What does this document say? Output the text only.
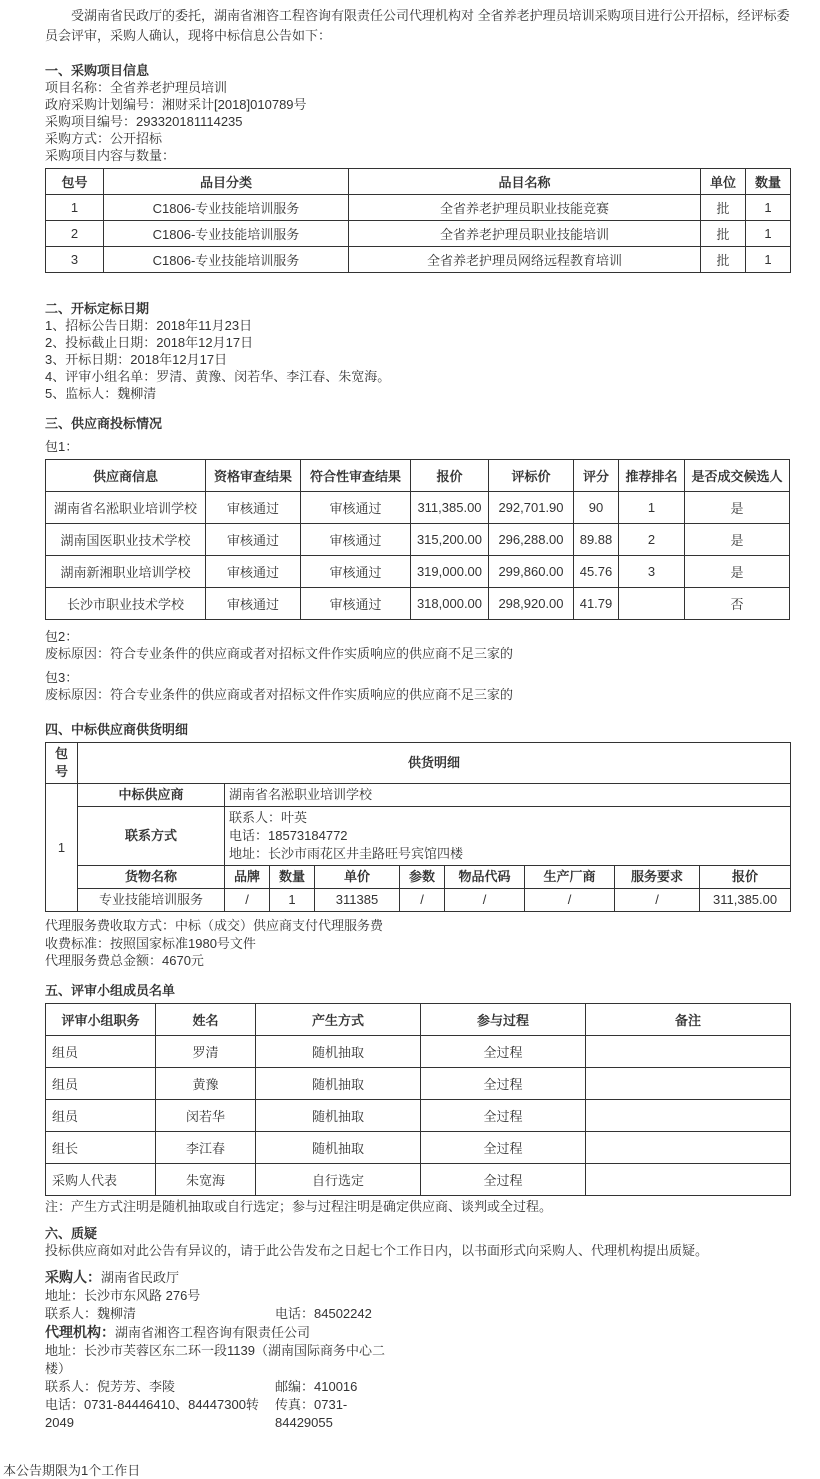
受湖南省民政厅的委托，湖南省湘咨工程咨询有限责任公司代理机构对 全省养老护理员培训采购项目进行公开招标，经评标委员会评审，采购人确认，现将中标信息公告如下：

一、采购项目信息

项目名称：全省养老护理员培训
政府采购计划编号：湘财采计[2018]010789号
采购项目编号：293320181114235
采购方式：公开招标
采购项目内容与数量：
包号	品目分类	品目名称	单位	数量
1	C1806-专业技能培训服务	全省养老护理员职业技能竞赛	批	1
2	C1806-专业技能培训服务	全省养老护理员职业技能培训	批	1
3	C1806-专业技能培训服务	全省养老护理员网络远程教育培训	批	1

二、开标定标日期

1、招标公告日期：2018年11月23日
2、投标截止日期：2018年12月17日
3、开标日期：2018年12月17日
4、评审小组名单：罗清、黄豫、闵若华、李江春、朱宽海。
5、监标人：魏柳清

三、供应商投标情况

包1：

供应商信息	资格审查结果	符合性审查结果	报价	评标价	评分	推荐排名	是否成交候选人
湖南省名淞职业培训学校	审核通过	审核通过	311,385.00	292,701.90	90	1	是
湖南国医职业技术学校	审核通过	审核通过	315,200.00	296,288.00	89.88	2	是
湖南新湘职业培训学校	审核通过	审核通过	319,000.00	299,860.00	45.76	3	是
长沙市职业技术学校	审核通过	审核通过	318,000.00	298,920.00	41.79		否

包2：

废标原因：符合专业条件的供应商或者对招标文件作实质响应的供应商不足三家的

包3：

废标原因：符合专业条件的供应商或者对招标文件作实质响应的供应商不足三家的

四、中标供应商供货明细

包号	供货明细								
1	中标供应商	湖南省名淞职业培训学校							
	联系方式	联系人：叶英
电话：18573184772
地址：长沙市雨花区井圭路旺号宾馆四楼							

	货物名称	品牌	数量	单价	参数	物品代码	生产厂商	服务要求	报价
	专业技能培训服务	/	1	311385	/	/	/	/	311,385.00
代理服务费收取方式：中标（成交）供应商支付代理服务费
收费标准：按照国家标准1980号文件
代理服务费总金额：4670元

五、评审小组成员名单

评审小组职务	姓名	产生方式	参与过程	备注
组员	罗清	随机抽取	全过程	
组员	黄豫	随机抽取	全过程	
组员	闵若华	随机抽取	全过程	
组长	李江春	随机抽取	全过程	
采购人代表	朱宽海	自行选定	全过程	

注：产生方式注明是随机抽取或自行选定；参与过程注明是确定供应商、谈判或全过程。

六、质疑

投标供应商如对此公告有异议的，请于此公告发布之日起七个工作日内，以书面形式向采购人、代理机构提出质疑。

采购人：湖南省民政厅
地址：长沙市东风路 276号
联系人：魏柳清	电话：84502242
代理机构：湖南省湘咨工程咨询有限责任公司
地址：长沙市芙蓉区东二环一段1139（湖南国际商务中心二楼）
联系人：倪芳芳、李陵	邮编：410016
电话：0731-84446410、84447300转2049
传真：0731-84429055
本公告期限为1个工作日
